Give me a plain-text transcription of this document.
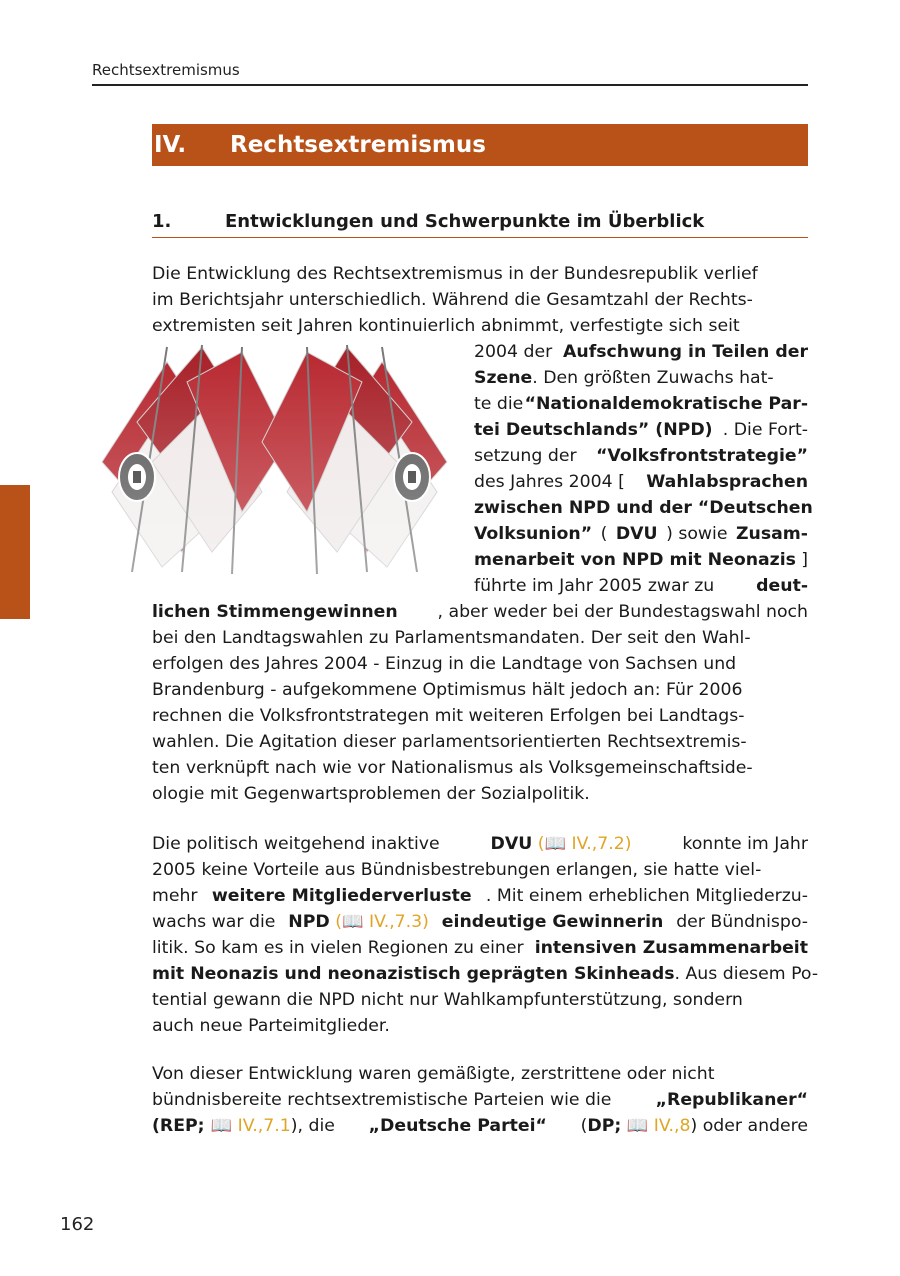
Rechtsextremismus
IV. Rechtsextremismus
1.	Entwicklungen und Schwerpunkte im Überblick
Die Entwicklung des Rechtsextremismus in der Bundesrepublik verlief
im Berichtsjahr unterschiedlich. Während die Gesamtzahl der Rechts-
extremisten seit Jahren kontinuierlich abnimmt, verfestigte sich seit
2004 der Aufschwung in Teilen der
Szene. Den größten Zuwachs hat-
te die “Nationaldemokratische Par-
tei Deutschlands” (NPD) . Die Fort-
setzung der “Volksfrontstrategie”
des Jahres 2004 [ Wahlabsprachen
zwischen NPD und der “Deutschen
Volksunion” ( DVU ) sowie Zusam-
menarbeit von NPD mit Neonazis ]
führte im Jahr 2005 zwar zu deut-
lichen Stimmengewinnen , aber weder bei der Bundestagswahl noch
bei den Landtagswahlen zu Parlamentsmandaten. Der seit den Wahl-
erfolgen des Jahres 2004 - Einzug in die Landtage von Sachsen und
Brandenburg - aufgekommene Optimismus hält jedoch an: Für 2006
rechnen die Volksfrontstrategen mit weiteren Erfolgen bei Landtags-
wahlen. Die Agitation dieser parlamentsorientierten Rechtsextremis-
ten verknüpft nach wie vor Nationalismus als Volksgemeinschaftside-
ologie mit Gegenwartsproblemen der Sozialpolitik.
Die politisch weitgehend inaktive	DVU (📖 IV.,7.2)	konnte im Jahr
2005 keine Vorteile aus Bündnisbestrebungen erlangen, sie hatte viel-
mehr weitere Mitgliederverluste . Mit einem erheblichen Mitgliederzu-
wachs war die NPD (📖 IV.,7.3) eindeutige Gewinnerin der Bündnispo-
litik. So kam es in vielen Regionen zu einer intensiven Zusammenarbeit
mit Neonazis und neonazistisch geprägten Skinheads . Aus diesem Po-
tential gewann die NPD nicht nur Wahlkampfunterstützung, sondern
auch neue Parteimitglieder.
Von dieser Entwicklung waren gemäßigte, zerstrittene oder nicht
bündnisbereite rechtsextremistische Parteien wie die	„Republikaner“
(REP; 📖 IV.,7.1), die „Deutsche Partei“ (DP; 📖 IV.,8) oder andere
162
